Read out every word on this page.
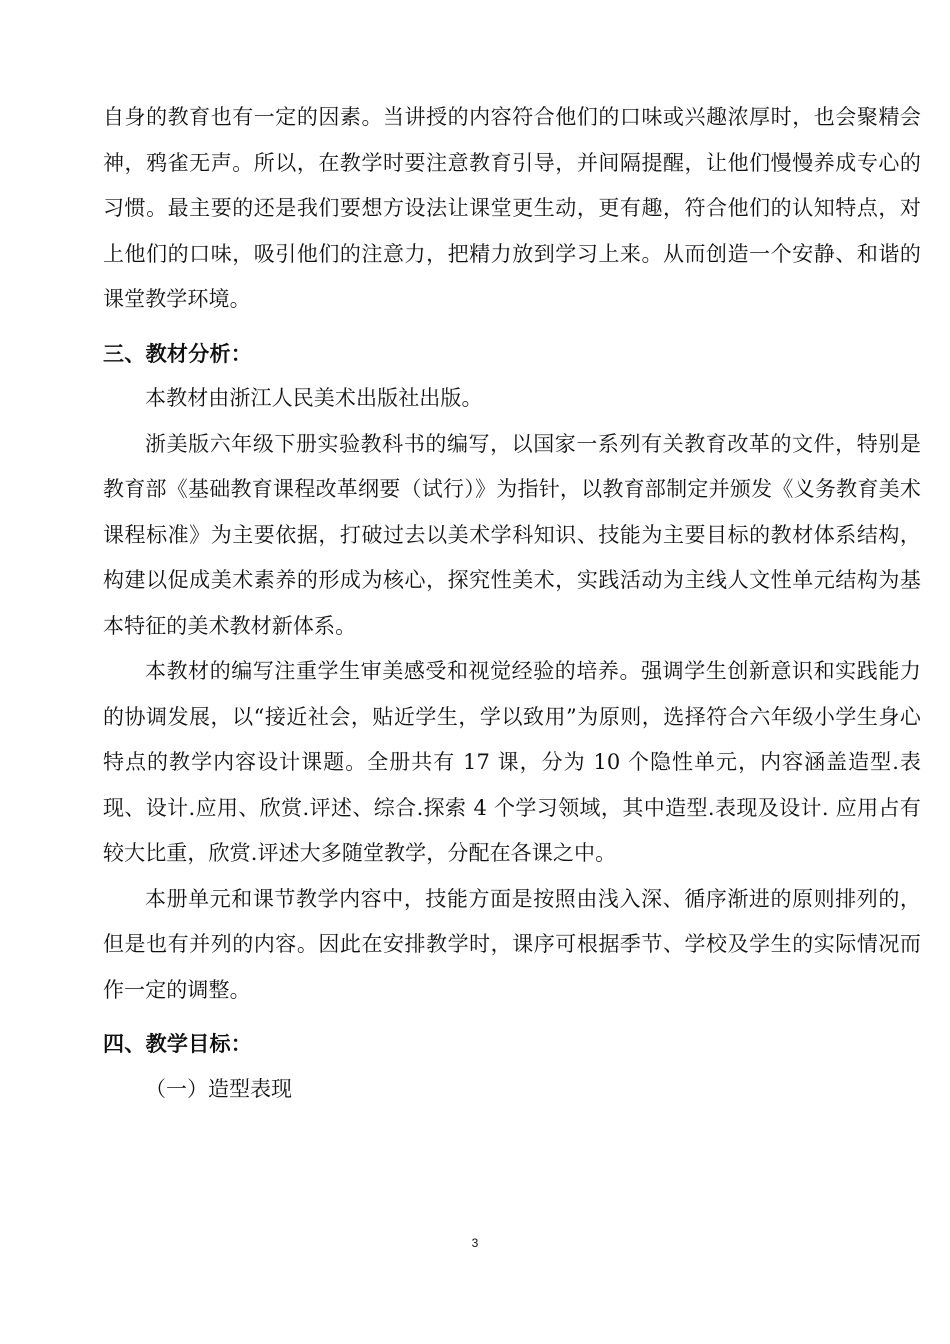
自身的教育也有一定的因素。当讲授的内容符合他们的口味或兴趣浓厚时，也会聚精会神，鸦雀无声。所以，在教学时要注意教育引导，并间隔提醒，让他们慢慢养成专心的习惯。最主要的还是我们要想方设法让课堂更生动，更有趣，符合他们的认知特点，对上他们的口味，吸引他们的注意力，把精力放到学习上来。从而创造一个安静、和谐的课堂教学环境。

三、教材分析：

本教材由浙江人民美术出版社出版。

浙美版六年级下册实验教科书的编写，以国家一系列有关教育改革的文件，特别是教育部《基础教育课程改革纲要（试行）》为指针，以教育部制定并颁发《义务教育美术课程标准》为主要依据，打破过去以美术学科知识、技能为主要目标的教材体系结构，构建以促成美术素养的形成为核心，探究性美术，实践活动为主线人文性单元结构为基本特征的美术教材新体系。

本教材的编写注重学生审美感受和视觉经验的培养。强调学生创新意识和实践能力的协调发展，以“接近社会，贴近学生，学以致用”为原则，选择符合六年级小学生身心特点的教学内容设计课题。全册共有 17 课，分为 10 个隐性单元，内容涵盖造型.表现、设计.应用、欣赏.评述、综合.探索 4 个学习领域，其中造型.表现及设计. 应用占有较大比重，欣赏.评述大多随堂教学，分配在各课之中。

本册单元和课节教学内容中，技能方面是按照由浅入深、循序渐进的原则排列的，但是也有并列的内容。因此在安排教学时，课序可根据季节、学校及学生的实际情况而作一定的调整。

四、教学目标：

（一）造型表现

3
